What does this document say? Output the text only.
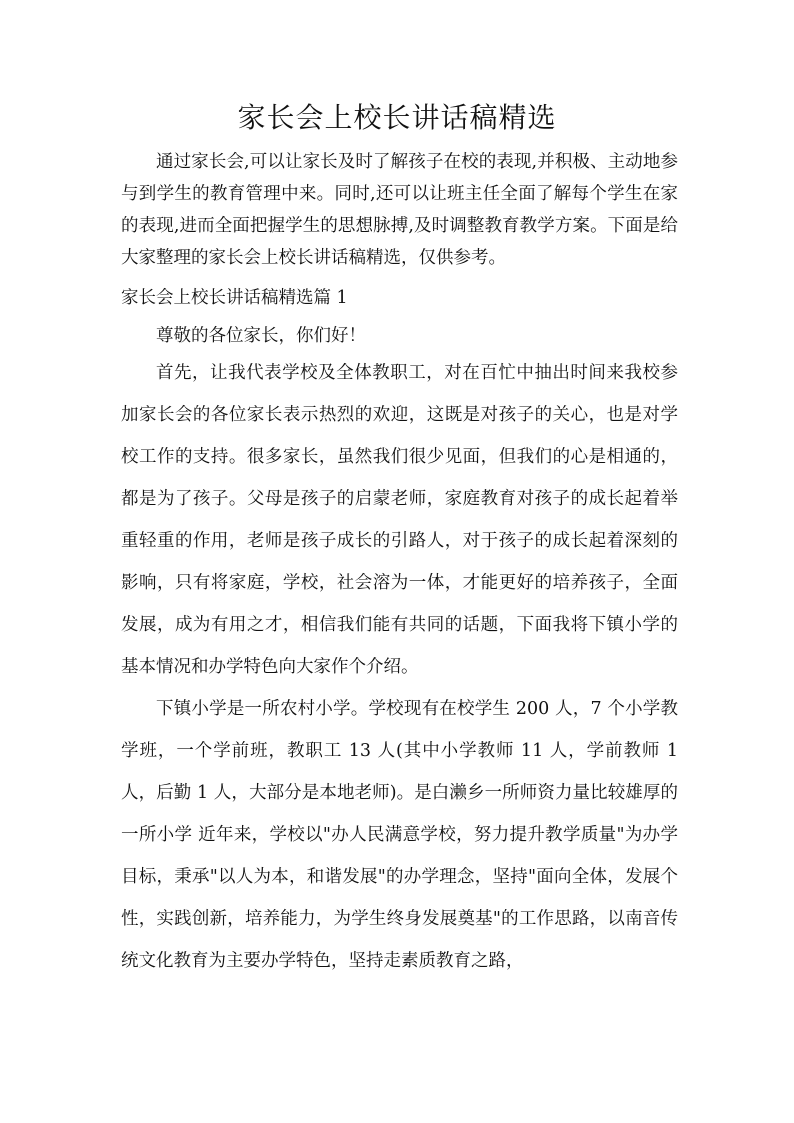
家长会上校长讲话稿精选

通过家长会,可以让家长及时了解孩子在校的表现,并积极、主动地参与到学生的教育管理中来。同时,还可以让班主任全面了解每个学生在家的表现,进而全面把握学生的思想脉搏,及时调整教育教学方案。下面是给大家整理的家长会上校长讲话稿精选，仅供参考。

家长会上校长讲话稿精选篇 1

尊敬的各位家长，你们好！

首先，让我代表学校及全体教职工，对在百忙中抽出时间来我校参加家长会的各位家长表示热烈的欢迎，这既是对孩子的关心，也是对学校工作的支持。很多家长，虽然我们很少见面，但我们的心是相通的，都是为了孩子。父母是孩子的启蒙老师，家庭教育对孩子的成长起着举重轻重的作用，老师是孩子成长的引路人，对于孩子的成长起着深刻的影响，只有将家庭，学校，社会溶为一体，才能更好的培养孩子，全面发展，成为有用之才，相信我们能有共同的话题，下面我将下镇小学的基本情况和办学特色向大家作个介绍。

下镇小学是一所农村小学。学校现有在校学生 200 人，7 个小学教学班，一个学前班，教职工 13 人(其中小学教师 11 人，学前教师 1 人，后勤 1 人，大部分是本地老师)。是白濑乡一所师资力量比较雄厚的一所小学 近年来，学校以"办人民满意学校，努力提升教学质量"为办学目标，秉承"以人为本，和谐发展"的办学理念，坚持"面向全体，发展个性，实践创新，培养能力，为学生终身发展奠基"的工作思路，以南音传统文化教育为主要办学特色，坚持走素质教育之路，
